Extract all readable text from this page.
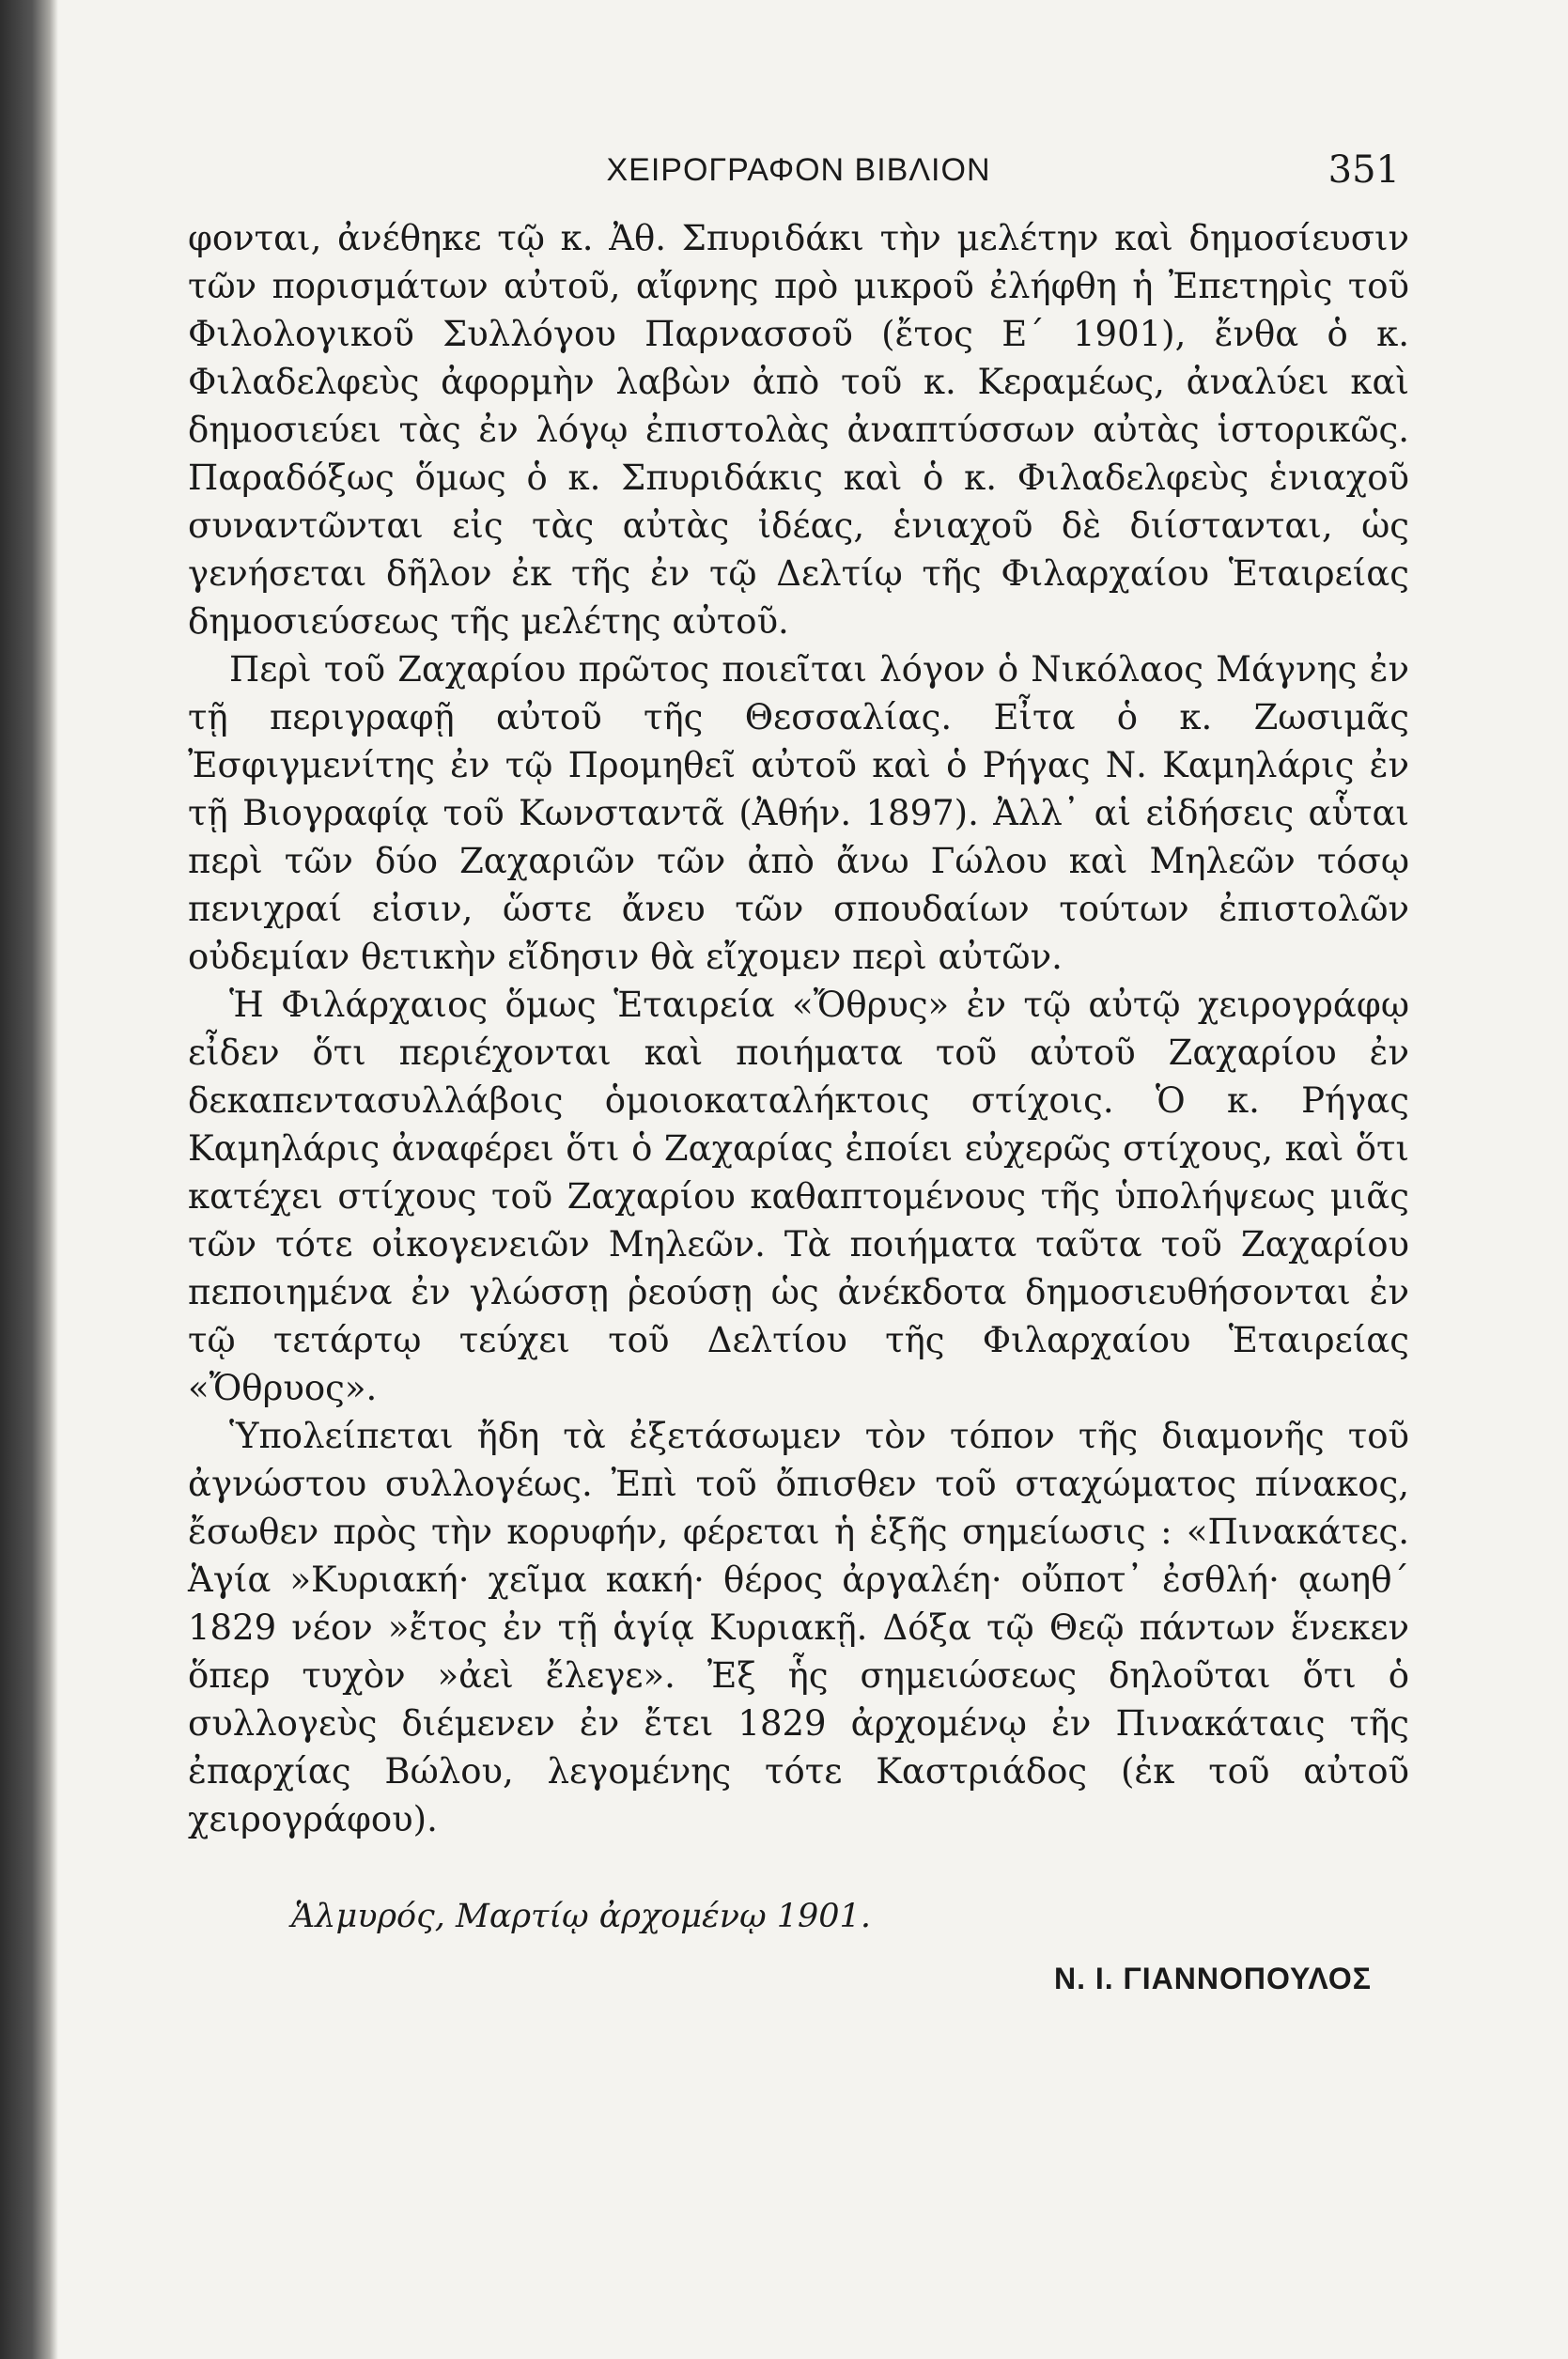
ΧΕΙΡΟΓΡΑΦΟΝ ΒΙΒΛΙΟΝ	351

φονται, ἀνέθηκε τῷ κ. Ἀθ. Σπυριδάκι τὴν μελέτην καὶ δημοσίευσιν τῶν πορισμάτων αὐτοῦ, αἴφνης πρὸ μικροῦ ἐλήφθη ἡ Ἐπετηρὶς τοῦ Φιλολογικοῦ Συλλόγου Παρνασσοῦ (ἔτος Ε´ 1901), ἔνθα ὁ κ. Φιλαδελφεὺς ἀφορμὴν λαβὼν ἀπὸ τοῦ κ. Κεραμέως, ἀναλύει καὶ δημοσιεύει τὰς ἐν λόγῳ ἐπιστολὰς ἀναπτύσσων αὐτὰς ἱστορικῶς. Παραδόξως ὅμως ὁ κ. Σπυριδάκις καὶ ὁ κ. Φιλαδελφεὺς ἑνιαχοῦ συναντῶνται εἰς τὰς αὐτὰς ἰδέας, ἑνιαχοῦ δὲ διίστανται, ὡς γενήσεται δῆλον ἐκ τῆς ἐν τῷ Δελτίῳ τῆς Φιλαρχαίου Ἑταιρείας δημοσιεύσεως τῆς μελέτης αὐτοῦ.

Περὶ τοῦ Ζαχαρίου πρῶτος ποιεῖται λόγον ὁ Νικόλαος Μάγνης ἐν τῇ περιγραφῇ αὐτοῦ τῆς Θεσσαλίας. Εἶτα ὁ κ. Ζωσιμᾶς Ἐσφιγμενίτης ἐν τῷ Προμηθεῖ αὐτοῦ καὶ ὁ Ρήγας Ν. Καμηλάρις ἐν τῇ Βιογραφίᾳ τοῦ Κωνσταντᾶ (Ἀθήν. 1897). Ἀλλ᾽ αἱ εἰδήσεις αὗται περὶ τῶν δύο Ζαχαριῶν τῶν ἀπὸ ἄνω Γώλου καὶ Μηλεῶν τόσῳ πενιχραί εἰσιν, ὥστε ἄνευ τῶν σπουδαίων τούτων ἐπιστολῶν οὐδεμίαν θετικὴν εἴδησιν θὰ εἴχομεν περὶ αὐτῶν.

Ἡ Φιλάρχαιος ὅμως Ἑταιρεία «Ὄθρυς» ἐν τῷ αὐτῷ χειρογράφῳ εἶδεν ὅτι περιέχονται καὶ ποιήματα τοῦ αὐτοῦ Ζαχαρίου ἐν δεκαπεντασυλλάβοις ὁμοιοκαταλήκτοις στίχοις. Ὁ κ. Ρήγας Καμηλάρις ἀναφέρει ὅτι ὁ Ζαχαρίας ἐποίει εὐχερῶς στίχους, καὶ ὅτι κατέχει στίχους τοῦ Ζαχαρίου καθαπτομένους τῆς ὑπολήψεως μιᾶς τῶν τότε οἰκογενειῶν Μηλεῶν. Τὰ ποιήματα ταῦτα τοῦ Ζαχαρίου πεποιημένα ἐν γλώσσῃ ῥεούσῃ ὡς ἀνέκδοτα δημοσιευθήσονται ἐν τῷ τετάρτῳ τεύχει τοῦ Δελτίου τῆς Φιλαρχαίου Ἑταιρείας «Ὄθρυος».

Ὑπολείπεται ἤδη τὰ ἐξετάσωμεν τὸν τόπον τῆς διαμονῆς τοῦ ἀγνώστου συλλογέως. Ἐπὶ τοῦ ὄπισθεν τοῦ σταχώματος πίνακος, ἔσωθεν πρὸς τὴν κορυφήν, φέρεται ἡ ἑξῆς σημείωσις : «Πινακάτες. Ἁγία »Κυριακή· χεῖμα κακή· θέρος ἀργαλέη· οὔποτ᾽ ἐσθλή· ᾳωηθ´ 1829 νέον »ἔτος ἐν τῇ ἁγίᾳ Κυριακῇ. Δόξα τῷ Θεῷ πάντων ἕνεκεν ὅπερ τυχὸν »ἀεὶ ἔλεγε». Ἐξ ἧς σημειώσεως δηλοῦται ὅτι ὁ συλλογεὺς διέμενεν ἐν ἔτει 1829 ἀρχομένῳ ἐν Πινακάταις τῆς ἐπαρχίας Βώλου, λεγομένης τότε Καστριάδος (ἐκ τοῦ αὐτοῦ χειρογράφου).

Ἁλμυρός, Μαρτίῳ ἀρχομένῳ 1901.
Ν. Ι. ΓΙΑΝΝΟΠΟΥΛΟΣ
